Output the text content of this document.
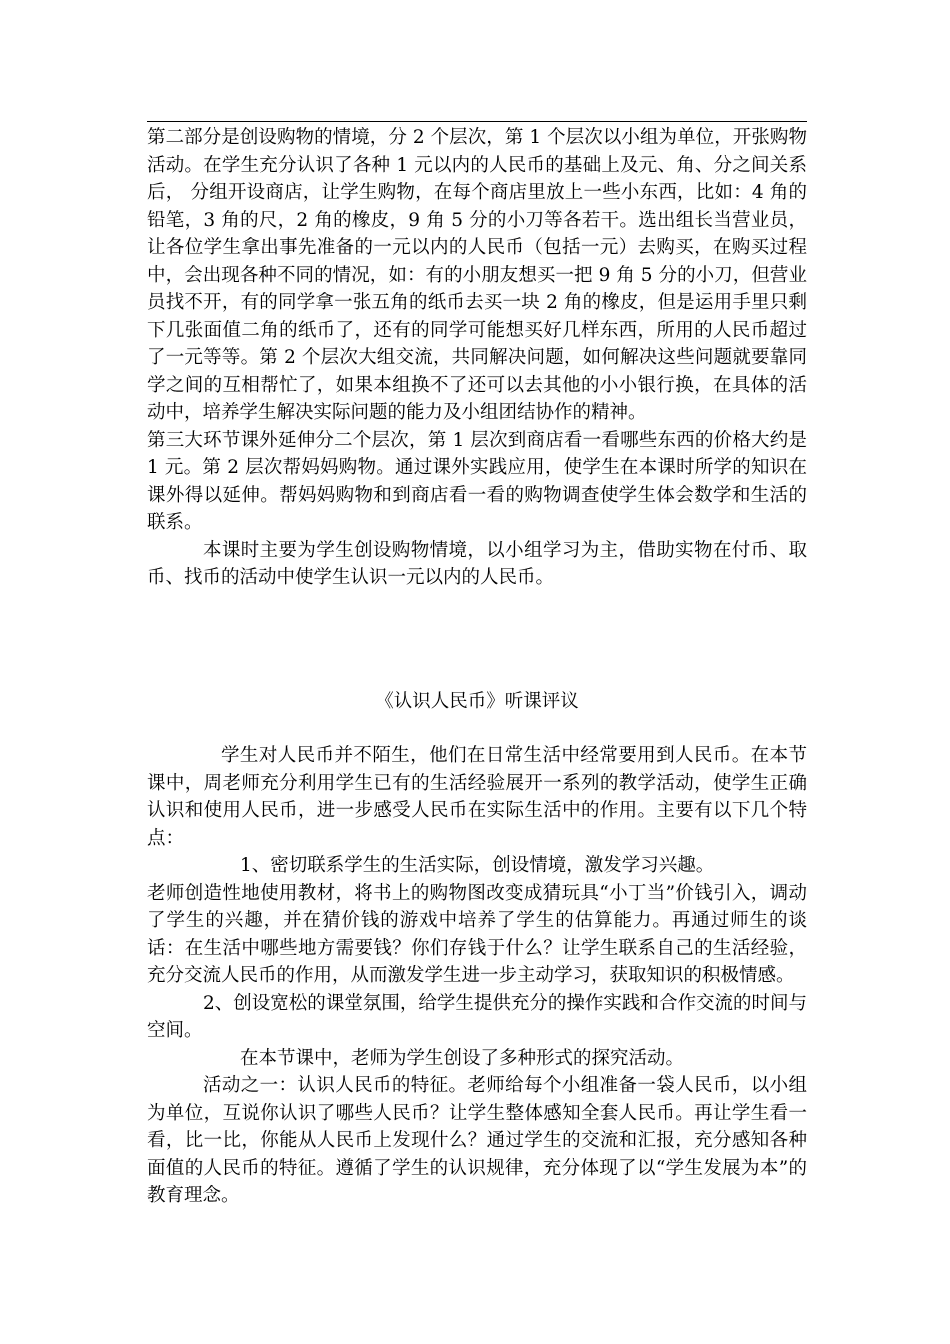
第二部分是创设购物的情境，分 2 个层次，第 1 个层次以小组为单位，开张购物活动。在学生充分认识了各种 1 元以内的人民币的基础上及元、角、分之间关系后， 分组开设商店，让学生购物，在每个商店里放上一些小东西，比如：4 角的铅笔，3 角的尺，2 角的橡皮，9 角 5 分的小刀等各若干。选出组长当营业员，让各位学生拿出事先准备的一元以内的人民币（包括一元）去购买，在购买过程中，会出现各种不同的情况，如：有的小朋友想买一把 9 角 5 分的小刀，但营业员找不开，有的同学拿一张五角的纸币去买一块 2 角的橡皮，但是运用手里只剩下几张面值二角的纸币了，还有的同学可能想买好几样东西，所用的人民币超过了一元等等。第 2 个层次大组交流，共同解决问题，如何解决这些问题就要靠同学之间的互相帮忙了，如果本组换不了还可以去其他的小小银行换，在具体的活动中，培养学生解决实际问题的能力及小组团结协作的精神。

第三大环节课外延伸分二个层次，第 1 层次到商店看一看哪些东西的价格大约是 1 元。第 2 层次帮妈妈购物。通过课外实践应用，使学生在本课时所学的知识在课外得以延伸。帮妈妈购物和到商店看一看的购物调查使学生体会数学和生活的联系。

本课时主要为学生创设购物情境，以小组学习为主，借助实物在付币、取币、找币的活动中使学生认识一元以内的人民币。

《认识人民币》听课评议

学生对人民币并不陌生，他们在日常生活中经常要用到人民币。在本节课中，周老师充分利用学生已有的生活经验展开一系列的教学活动，使学生正确认识和使用人民币，进一步感受人民币在实际生活中的作用。主要有以下几个特点：

1、密切联系学生的生活实际，创设情境，激发学习兴趣。

老师创造性地使用教材，将书上的购物图改变成猜玩具“小丁当”价钱引入，调动了学生的兴趣，并在猜价钱的游戏中培养了学生的估算能力。再通过师生的谈话：在生活中哪些地方需要钱？你们存钱于什么？让学生联系自己的生活经验，充分交流人民币的作用，从而激发学生进一步主动学习，获取知识的积极情感。

2、创设宽松的课堂氛围，给学生提供充分的操作实践和合作交流的时间与空间。

在本节课中，老师为学生创设了多种形式的探究活动。

活动之一：认识人民币的特征。老师给每个小组准备一袋人民币，以小组为单位，互说你认识了哪些人民币？让学生整体感知全套人民币。再让学生看一看，比一比，你能从人民币上发现什么？通过学生的交流和汇报，充分感知各种面值的人民币的特征。遵循了学生的认识规律，充分体现了以“学生发展为本”的教育理念。
